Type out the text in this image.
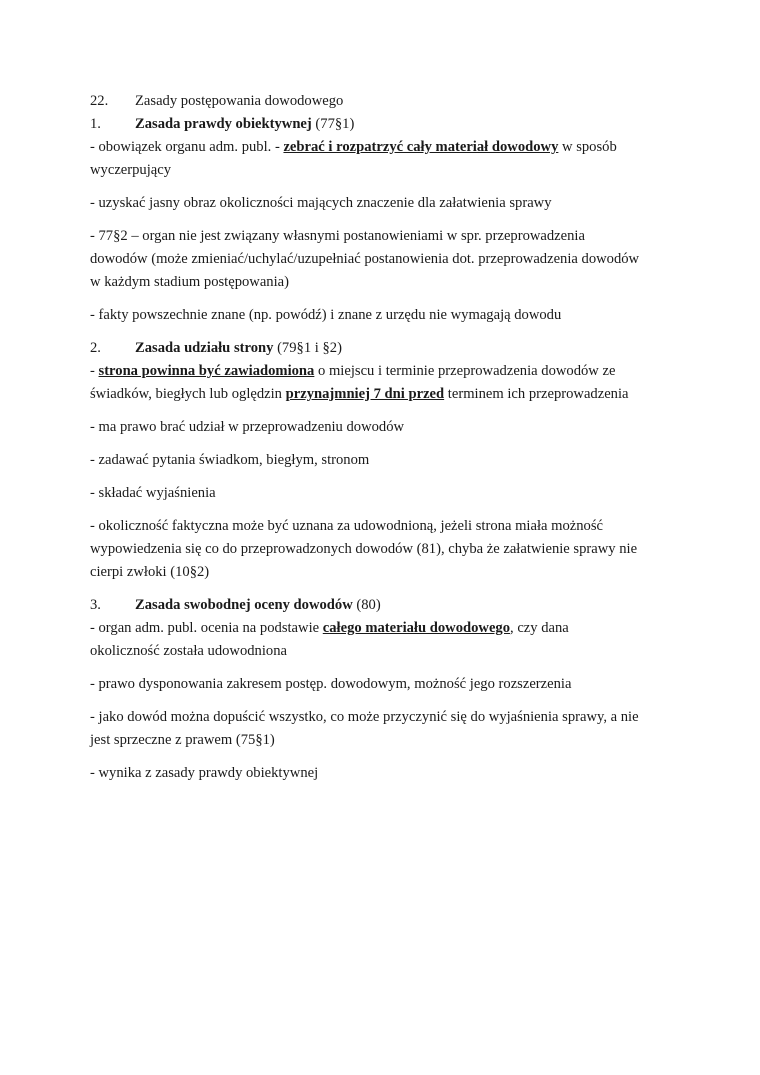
22. Zasady postępowania dowodowego
1. Zasada prawdy obiektywnej (77§1)
- obowiązek organu adm. publ. - zebrać i rozpatrzyć cały materiał dowodowy w sposób
wyczerpujący
- uzyskać jasny obraz okoliczności mających znaczenie dla załatwienia sprawy
- 77§2 – organ nie jest związany własnymi postanowieniami w spr. przeprowadzenia
dowodów (może zmieniać/uchylać/uzupełniać postanowienia dot. przeprowadzenia dowodów
w każdym stadium postępowania)
- fakty powszechnie znane (np. powódź) i znane z urzędu nie wymagają dowodu
2. Zasada udziału strony (79§1 i §2)
- strona powinna być zawiadomiona o miejscu i terminie przeprowadzenia dowodów ze
świadków, biegłych lub oględzin przynajmniej 7 dni przed terminem ich przeprowadzenia
- ma prawo brać udział w przeprowadzeniu dowodów
- zadawać pytania świadkom, biegłym, stronom
- składać wyjaśnienia
- okoliczność faktyczna może być uznana za udowodnioną, jeżeli strona miała możność
wypowiedzenia się co do przeprowadzonych dowodów (81), chyba że załatwienie sprawy nie
cierpi zwłoki (10§2)
3. Zasada swobodnej oceny dowodów (80)
- organ adm. publ. ocenia na podstawie całego materiału dowodowego, czy dana
okoliczność została udowodniona
- prawo dysponowania zakresem postęp. dowodowym, możność jego rozszerzenia
- jako dowód można dopuścić wszystko, co może przyczynić się do wyjaśnienia sprawy, a nie
jest sprzeczne z prawem (75§1)
- wynika z zasady prawdy obiektywnej
